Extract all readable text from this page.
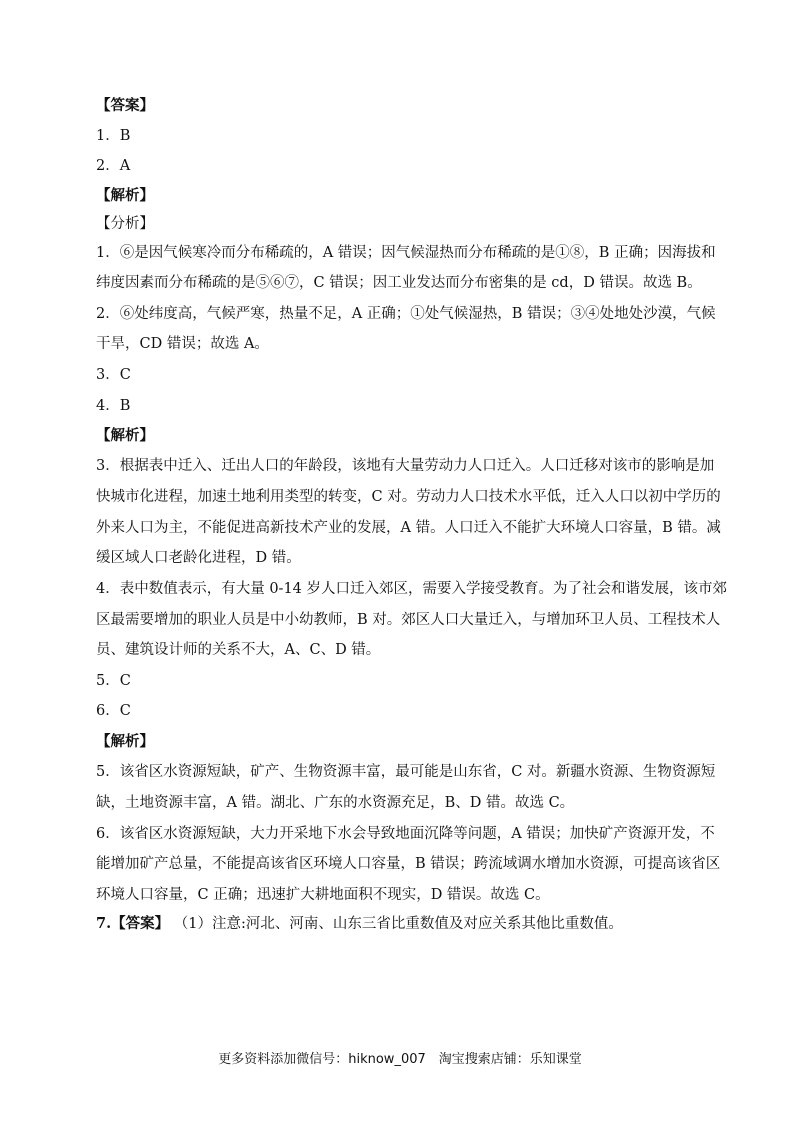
【答案】
1．B
2．A
【解析】
【分析】
1．⑥是因气候寒冷而分布稀疏的，A 错误；因气候湿热而分布稀疏的是①⑧，B 正确；因海拔和
纬度因素而分布稀疏的是⑤⑥⑦，C 错误；因工业发达而分布密集的是 cd，D 错误。故选 B。
2．⑥处纬度高，气候严寒，热量不足，A 正确；①处气候湿热，B 错误；③④处地处沙漠，气候
干旱，CD 错误；故选 A。
3．C
4．B
【解析】
3．根据表中迁入、迁出人口的年龄段，该地有大量劳动力人口迁入。人口迁移对该市的影响是加
快城市化进程，加速土地利用类型的转变，C 对。劳动力人口技术水平低，迁入人口以初中学历的
外来人口为主，不能促进高新技术产业的发展，A 错。人口迁入不能扩大环境人口容量，B 错。减
缓区域人口老龄化进程，D 错。
4．表中数值表示，有大量 0-14 岁人口迁入郊区，需要入学接受教育。为了社会和谐发展，该市郊
区最需要增加的职业人员是中小幼教师，B 对。郊区人口大量迁入，与增加环卫人员、工程技术人
员、建筑设计师的关系不大，A、C、D 错。
5．C
6．C
【解析】
5．该省区水资源短缺，矿产、生物资源丰富，最可能是山东省，C 对。新疆水资源、生物资源短
缺，土地资源丰富，A 错。湖北、广东的水资源充足，B、D 错。故选 C。
6．该省区水资源短缺，大力开采地下水会导致地面沉降等问题，A 错误；加快矿产资源开发，不
能增加矿产总量，不能提高该省区环境人口容量，B 错误；跨流域调水增加水资源，可提高该省区
环境人口容量，C 正确；迅速扩大耕地面积不现实，D 错误。故选 C。
7.【答案】 （1）注意:河北、河南、山东三省比重数值及对应关系其他比重数值。
更多资料添加微信号：hiknow_007　淘宝搜索店铺：乐知课堂
